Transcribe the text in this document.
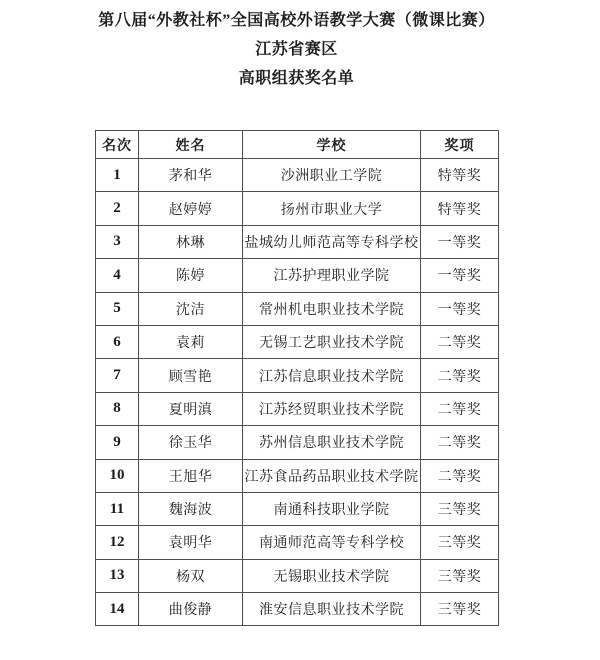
第八届“外教社杯”全国高校外语教学大赛（微课比赛）
江苏省赛区
高职组获奖名单
名次	姓名	学校	奖项
1	茅和华	沙洲职业工学院	特等奖
2	赵婷婷	扬州市职业大学	特等奖
3	林琳	盐城幼儿师范高等专科学校	一等奖
4	陈婷	江苏护理职业学院	一等奖
5	沈洁	常州机电职业技术学院	一等奖
6	袁莉	无锡工艺职业技术学院	二等奖
7	顾雪艳	江苏信息职业技术学院	二等奖
8	夏明滇	江苏经贸职业技术学院	二等奖
9	徐玉华	苏州信息职业技术学院	二等奖
10	王旭华	江苏食品药品职业技术学院	二等奖
11	魏海波	南通科技职业学院	三等奖
12	袁明华	南通师范高等专科学校	三等奖
13	杨双	无锡职业技术学院	三等奖
14	曲俊静	淮安信息职业技术学院	三等奖
